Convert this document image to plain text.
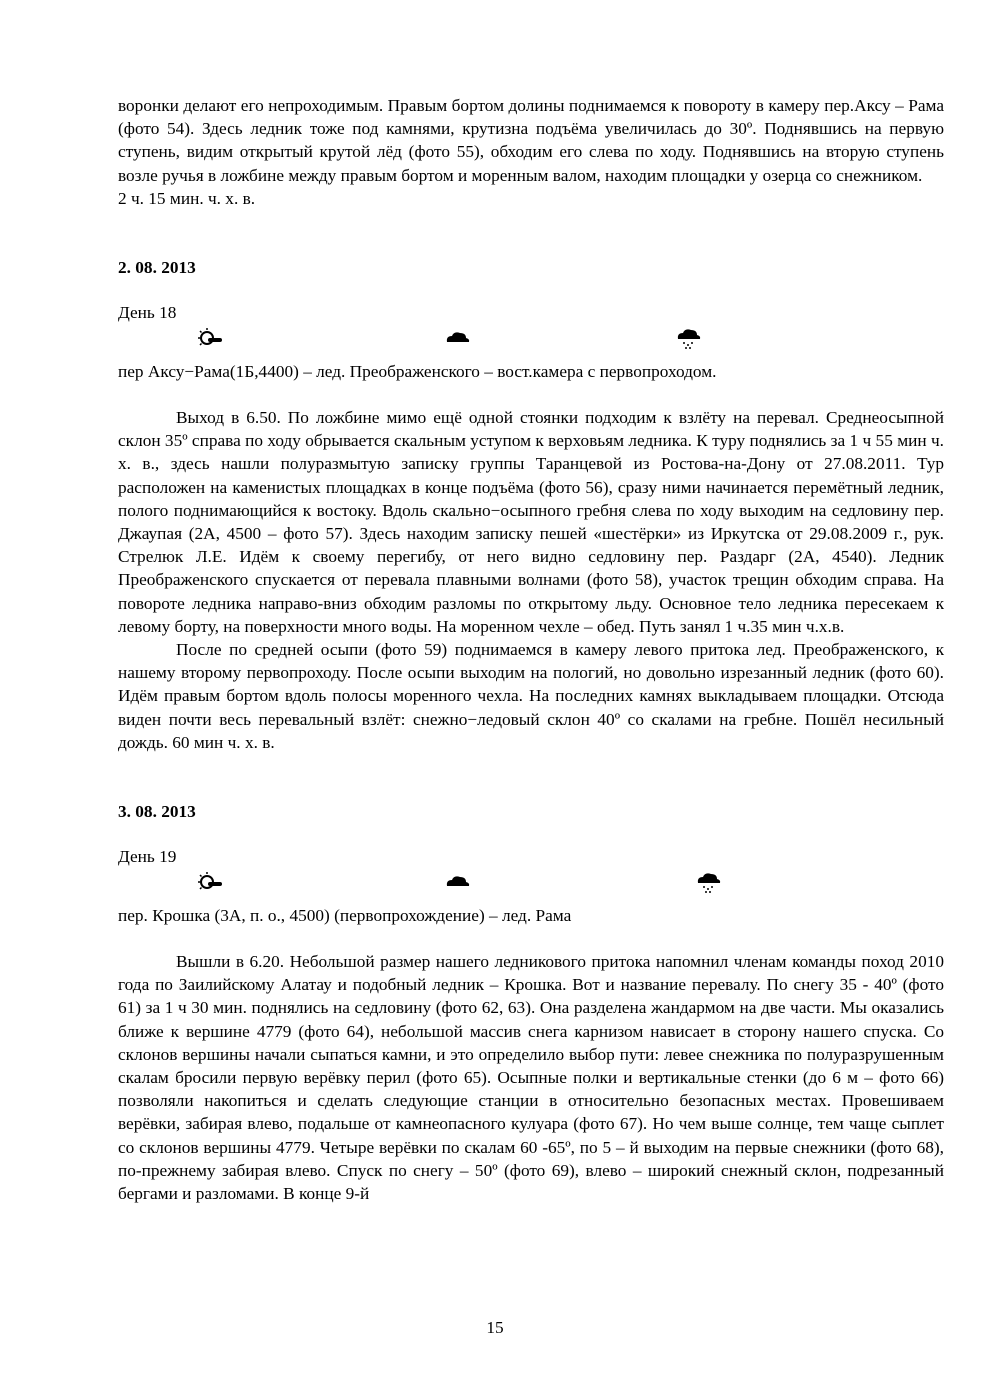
воронки делают его непроходимым. Правым бортом долины поднимаемся к повороту в камеру пер.Аксу – Рама (фото 54). Здесь ледник тоже под камнями, крутизна подъёма увеличилась до 30º. Поднявшись на первую ступень, видим открытый крутой лёд (фото 55), обходим его слева по ходу. Поднявшись на вторую ступень возле ручья в ложбине между правым бортом и моренным валом, находим площадки у озерца со снежником.

2 ч. 15 мин. ч. х. в.

2. 08. 2013

День 18

пер Аксу−Рама(1Б,4400) – лед. Преображенского – вост.камера с первопроходом.

Выход в 6.50. По ложбине мимо ещё одной стоянки подходим к взлёту на перевал. Среднеосыпной склон 35º справа по ходу обрывается скальным уступом к верховьям ледника. К туру поднялись за 1 ч 55 мин ч. х. в., здесь нашли полуразмытую записку группы Таранцевой из Ростова-на-Дону от 27.08.2011. Тур расположен на каменистых площадках в конце подъёма (фото 56), сразу ними начинается перемётный ледник, полого поднимающийся к востоку. Вдоль скально−осыпного гребня слева по ходу выходим на седловину пер. Джаупая (2А, 4500 – фото 57). Здесь находим записку пешей «шестёрки» из Иркутска от 29.08.2009 г., рук. Стрелюк Л.Е. Идём к своему перегибу, от него видно седловину пер. Раздарг (2А, 4540). Ледник Преображенского спускается от перевала плавными волнами (фото 58), участок трещин обходим справа. На повороте ледника направо-вниз обходим разломы по открытому льду. Основное тело ледника пересекаем к левому борту, на поверхности много воды. На моренном чехле – обед. Путь занял 1 ч.35 мин ч.х.в.

После по средней осыпи (фото 59) поднимаемся в камеру левого притока лед. Преображенского, к нашему второму первопроходу. После осыпи выходим на пологий, но довольно изрезанный ледник (фото 60). Идём правым бортом вдоль полосы моренного чехла. На последних камнях выкладываем площадки. Отсюда виден почти весь перевальный взлёт: снежно−ледовый склон 40º со скалами на гребне. Пошёл несильный дождь. 60 мин ч. х. в.

3. 08. 2013

День 19

пер. Крошка (3А, п. о., 4500) (первопрохождение) – лед. Рама

Вышли в 6.20. Небольшой размер нашего ледникового притока напомнил членам команды поход 2010 года по Заилийскому Алатау и подобный ледник – Крошка. Вот и название перевалу. По снегу 35 - 40º (фото 61) за 1 ч 30 мин. поднялись на седловину (фото 62, 63). Она разделена жандармом на две части. Мы оказались ближе к вершине 4779 (фото 64), небольшой массив снега карнизом нависает в сторону нашего спуска. Со склонов вершины начали сыпаться камни, и это определило выбор пути: левее снежника по полуразрушенным скалам бросили первую верёвку перил (фото 65). Осыпные полки и вертикальные стенки (до 6 м – фото 66) позволяли накопиться и сделать следующие станции в относительно безопасных местах. Провешиваем верёвки, забирая влево, подальше от камнеопасного кулуара (фото 67). Но чем выше солнце, тем чаще сыплет со склонов вершины 4779. Четыре верёвки по скалам 60 -65º, по 5 – й выходим на первые снежники (фото 68), по-прежнему забирая влево. Спуск по снегу – 50º (фото 69), влево – широкий снежный склон, подрезанный бергами и разломами. В конце 9-й

15
